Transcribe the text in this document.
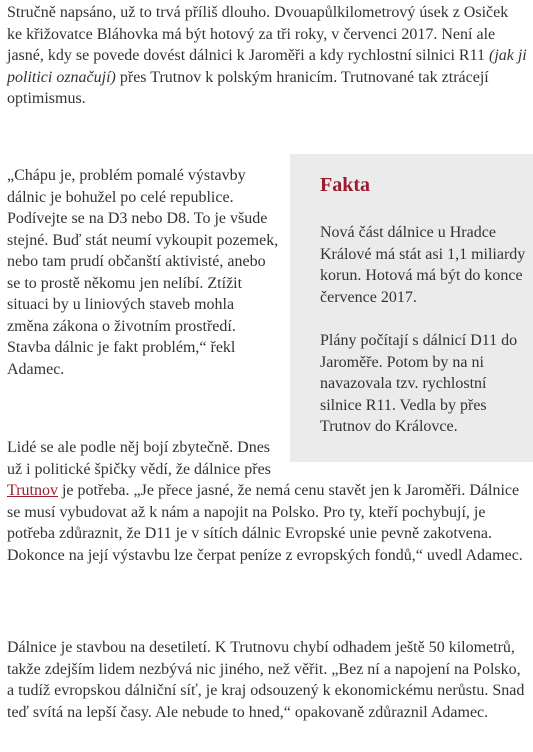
Stručně napsáno, už to trvá příliš dlouho. Dvouapůlkilometrový úsek z Osiček ke křižovatce Bláhovka má být hotový za tři roky, v červenci 2017. Není ale jasné, kdy se povede dovést dálnici k Jaroměři a kdy rychlostní silnici R11 (jak ji politici označují) přes Trutnov k polským hranicím. Trutnované tak ztrácejí optimismus.

„Chápu je, problém pomalé výstavby dálnic je bohužel po celé republice. Podívejte se na D3 nebo D8. To je všude stejné. Buď stát neumí vykoupit pozemek, nebo tam prudí občanští aktivisté, anebo se to prostě někomu jen nelíbí. Ztížit situaci by u liniových staveb mohla změna zákona o životním prostředí. Stavba dálnic je fakt problém,“ řekl Adamec.

Fakta

Nová část dálnice u Hradce Králové má stát asi 1,1 miliardy korun. Hotová má být do konce července 2017.

Plány počítají s dálnicí D11 do Jaroměře. Potom by na ni navazovala tzv. rychlostní silnice R11. Vedla by přes Trutnov do Královce.

Lidé se ale podle něj bojí zbytečně. Dnes už i politické špičky vědí, že dálnice přes
Trutnov je potřeba. „Je přece jasné, že nemá cenu stavět jen k Jaroměři. Dálnice se musí vybudovat až k nám a napojit na Polsko. Pro ty, kteří pochybují, je potřeba zdůraznit, že D11 je v sítích dálnic Evropské unie pevně zakotvena. Dokonce na její výstavbu lze čerpat peníze z evropských fondů,“ uvedl Adamec.

Dálnice je stavbou na desetiletí. K Trutnovu chybí odhadem ještě 50 kilometrů, takže zdejším lidem nezbývá nic jiného, než věřit. „Bez ní a napojení na Polsko, a tudíž evropskou dálniční síť, je kraj odsouzený k ekonomickému nerůstu. Snad teď svítá na lepší časy. Ale nebude to hned,“ opakovaně zdůraznil Adamec.
